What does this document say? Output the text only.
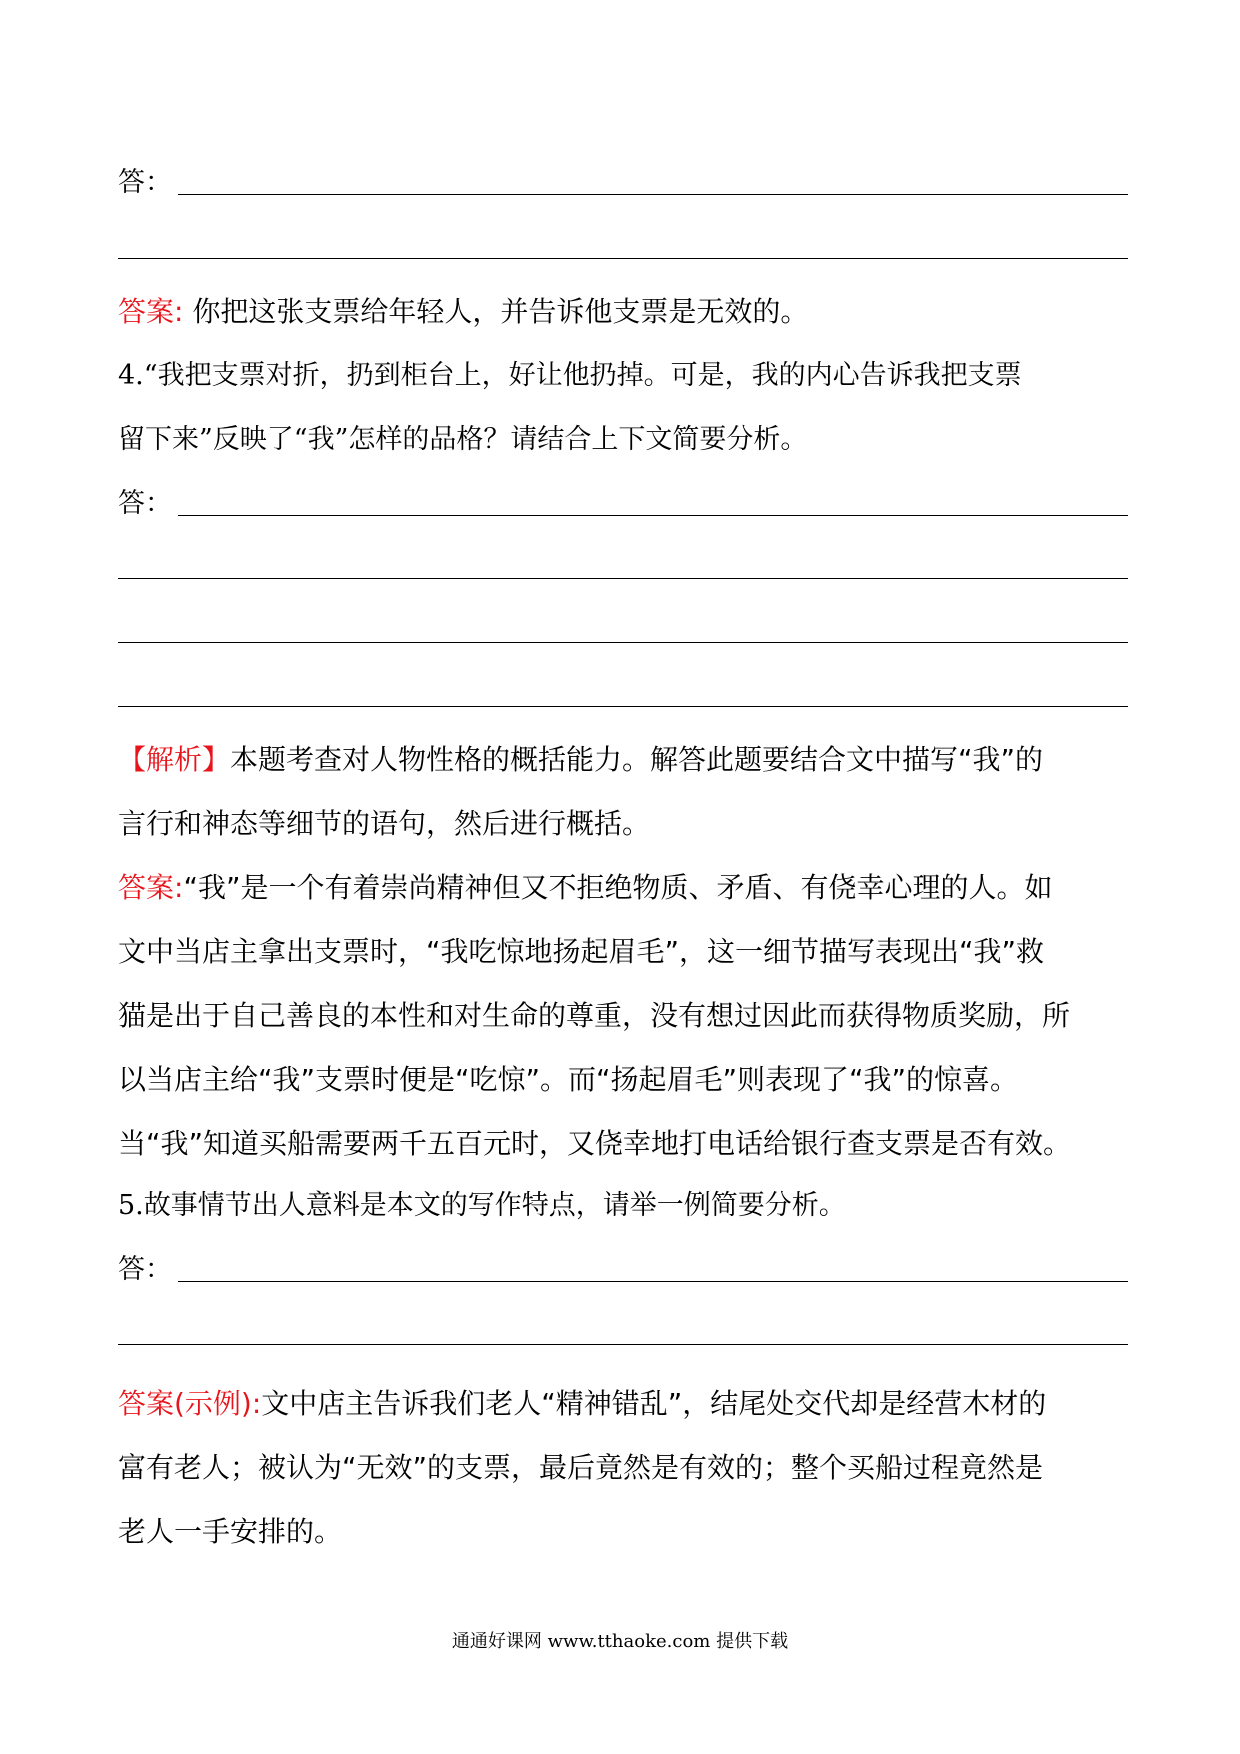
答：
答案: 你把这张支票给年轻人，并告诉他支票是无效的。
4.“我把支票对折，扔到柜台上，好让他扔掉。可是，我的内心告诉我把支票
留下来”反映了“我”怎样的品格？请结合上下文简要分析。
答：
【解析】本题考查对人物性格的概括能力。解答此题要结合文中描写“我”的
言行和神态等细节的语句，然后进行概括。
答案:“我”是一个有着崇尚精神但又不拒绝物质、矛盾、有侥幸心理的人。如
文中当店主拿出支票时，“我吃惊地扬起眉毛”，这一细节描写表现出“我”救
猫是出于自己善良的本性和对生命的尊重，没有想过因此而获得物质奖励，所
以当店主给“我”支票时便是“吃惊”。而“扬起眉毛”则表现了“我”的惊喜。
当“我”知道买船需要两千五百元时，又侥幸地打电话给银行查支票是否有效。
5.故事情节出人意料是本文的写作特点，请举一例简要分析。
答：
答案(示例):文中店主告诉我们老人“精神错乱”，结尾处交代却是经营木材的
富有老人；被认为“无效”的支票，最后竟然是有效的；整个买船过程竟然是
老人一手安排的。
通通好课网 www.tthaoke.com 提供下载
